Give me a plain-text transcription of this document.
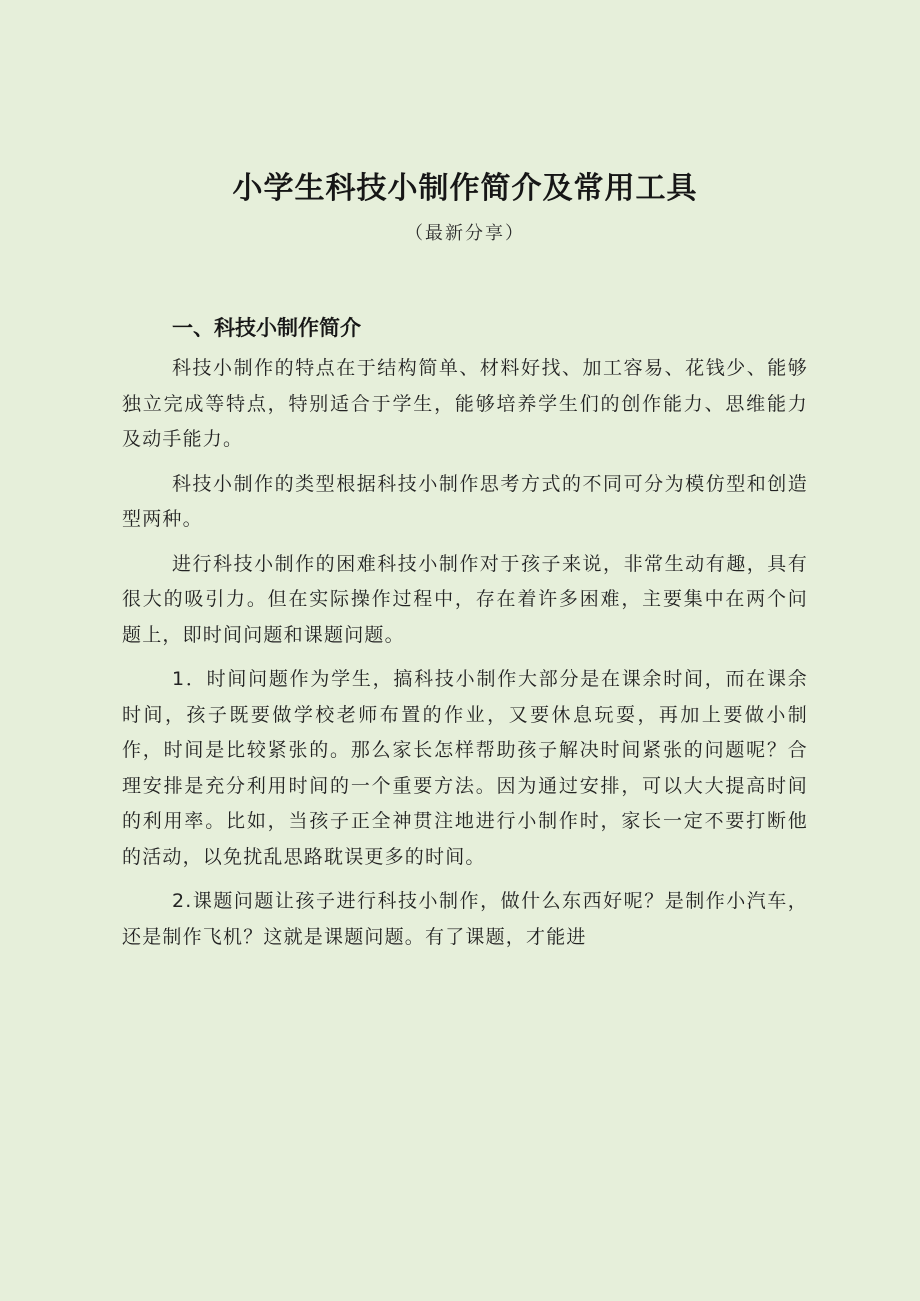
小学生科技小制作简介及常用工具
（最新分享）
一、科技小制作简介

科技小制作的特点在于结构简单、材料好找、加工容易、花钱少、能够独立完成等特点，特别适合于学生，能够培养学生们的创作能力、思维能力及动手能力。

科技小制作的类型根据科技小制作思考方式的不同可分为模仿型和创造型两种。

进行科技小制作的困难科技小制作对于孩子来说，非常生动有趣，具有很大的吸引力。但在实际操作过程中，存在着许多困难，主要集中在两个问题上，即时间问题和课题问题。

1．时间问题作为学生，搞科技小制作大部分是在课余时间，而在课余时间，孩子既要做学校老师布置的作业，又要休息玩耍，再加上要做小制作，时间是比较紧张的。那么家长怎样帮助孩子解决时间紧张的问题呢？合理安排是充分利用时间的一个重要方法。因为通过安排，可以大大提高时间的利用率。比如，当孩子正全神贯注地进行小制作时，家长一定不要打断他的活动，以免扰乱思路耽误更多的时间。

2.课题问题让孩子进行科技小制作，做什么东西好呢？是制作小汽车，还是制作飞机？这就是课题问题。有了课题，才能进
